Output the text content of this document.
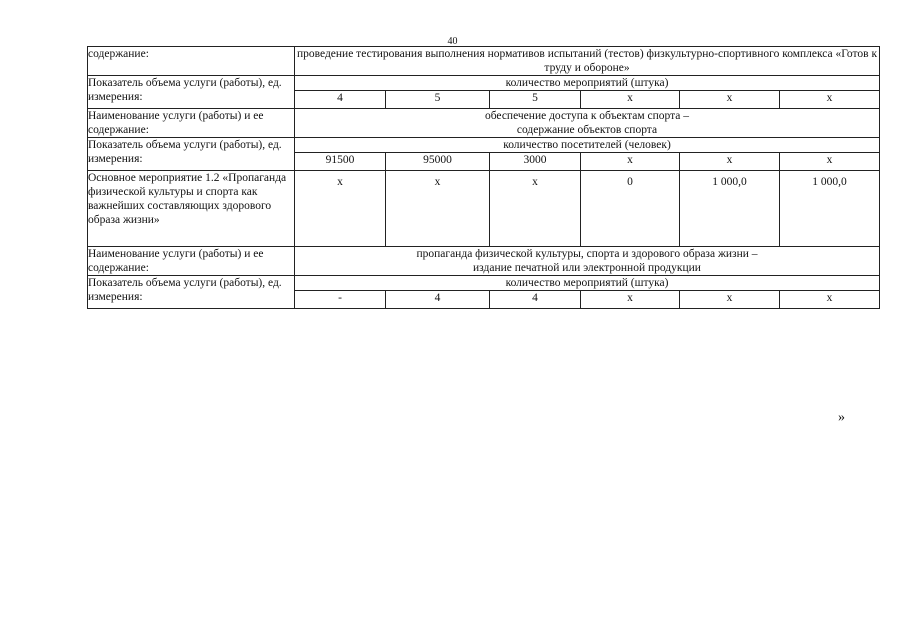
40
содержание:	проведение тестирования выполнения нормативов испытаний (тестов) физкультурно-спортивного комплекса «Готов к труду и обороне»					
Показатель объема услуги (работы), ед. измерения:	количество мероприятий (штука)					
	4	5	5	х	х	х
Наименование услуги (работы) и ее содержание:	обеспечение доступа к объектам спорта –
содержание объектов спорта					

Показатель объема услуги (работы), ед. измерения:	количество посетителей (человек)					
	91500	95000	3000	х	х	х
Основное мероприятие 1.2 «Пропаганда физической культуры и спорта как важнейших составляющих здорового образа жизни»	х	х	х	0	1 000,0	1 000,0
Наименование услуги (работы) и ее содержание:	пропаганда физической культуры, спорта и здорового образа жизни –
издание печатной или электронной продукции					

Показатель объема услуги (работы), ед. измерения:	количество мероприятий (штука)					
	-	4	4	х	х	х
»
